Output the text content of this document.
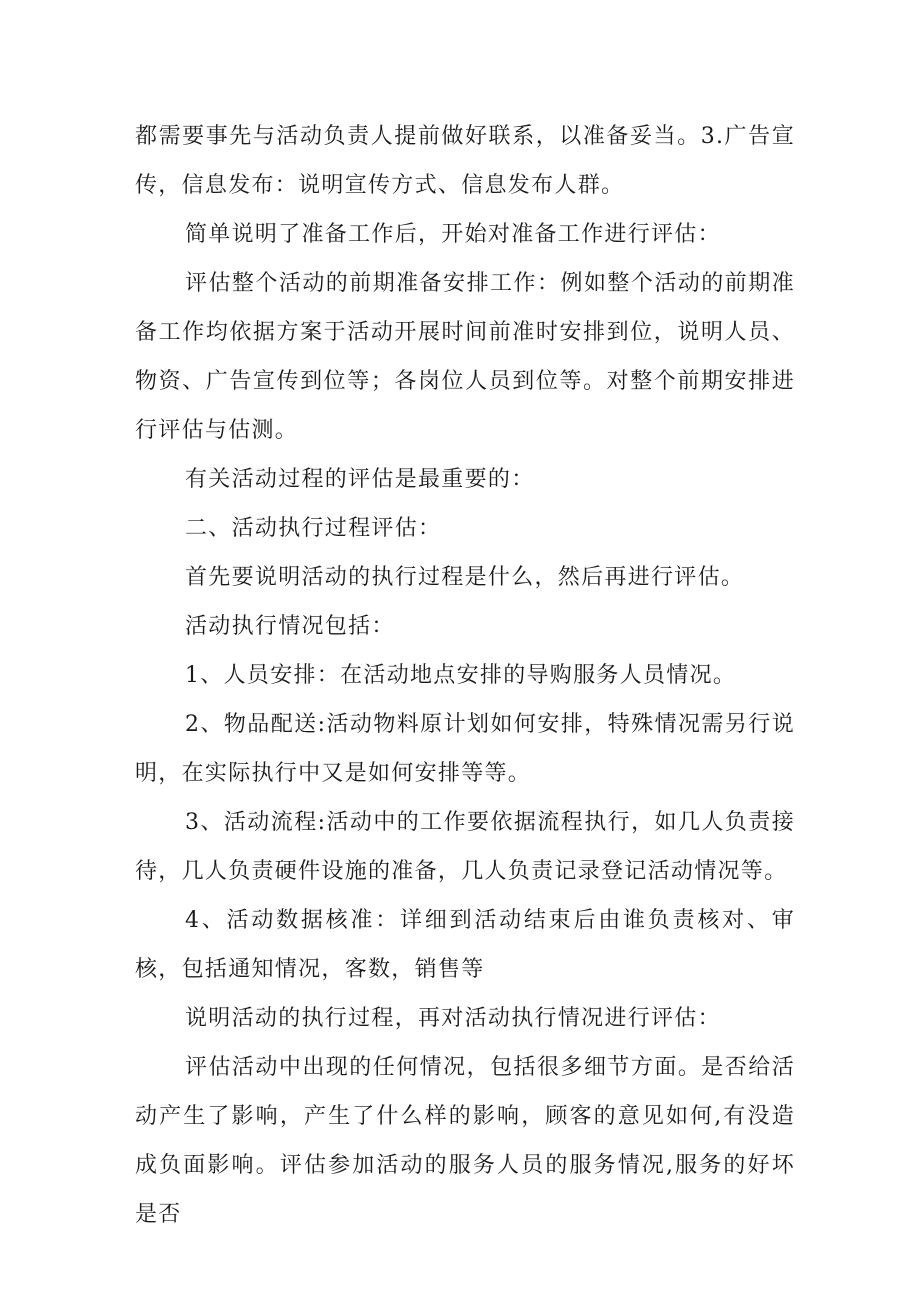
都需要事先与活动负责人提前做好联系，以准备妥当。3.广告宣传，信息发布：说明宣传方式、信息发布人群。

简单说明了准备工作后，开始对准备工作进行评估：

评估整个活动的前期准备安排工作：例如整个活动的前期准备工作均依据方案于活动开展时间前准时安排到位，说明人员、物资、广告宣传到位等；各岗位人员到位等。对整个前期安排进行评估与估测。

有关活动过程的评估是最重要的：

二、活动执行过程评估：

首先要说明活动的执行过程是什么，然后再进行评估。

活动执行情况包括：

1、人员安排：在活动地点安排的导购服务人员情况。

2、物品配送:活动物料原计划如何安排，特殊情况需另行说明，在实际执行中又是如何安排等等。

3、活动流程:活动中的工作要依据流程执行，如几人负责接待，几人负责硬件设施的准备，几人负责记录登记活动情况等。

4、活动数据核准：详细到活动结束后由谁负责核对、审核，包括通知情况，客数，销售等

说明活动的执行过程，再对活动执行情况进行评估：

评估活动中出现的任何情况，包括很多细节方面。是否给活动产生了影响，产生了什么样的影响，顾客的意见如何,有没造成负面影响。评估参加活动的服务人员的服务情况,服务的好坏是否
